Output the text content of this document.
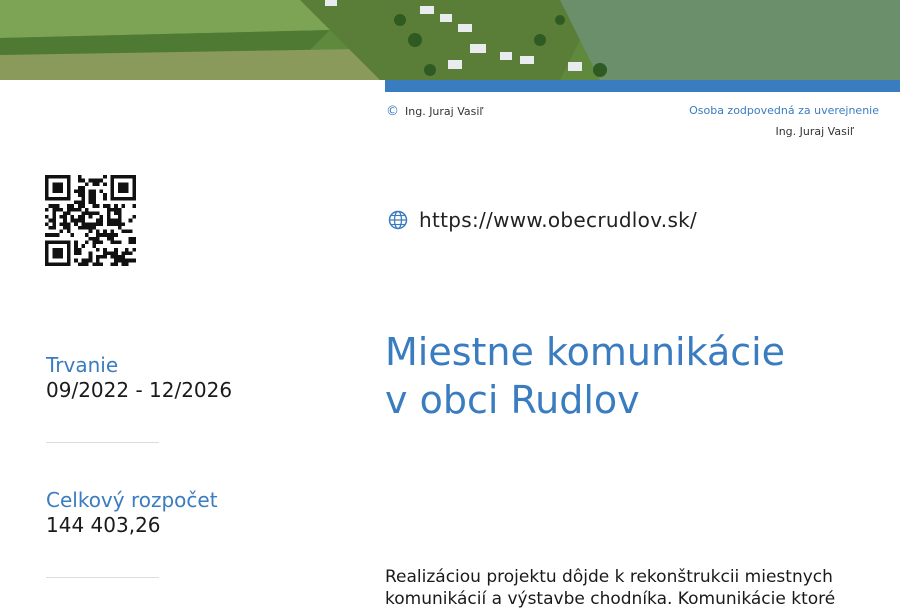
© Ing. Juraj Vasiľ	Osoba zodpovedná za uverejnenie
Ing. Juraj Vasiľ
https://www.obecrudlov.sk/
Miestne komunikácie
v obci Rudlov
Trvanie
09/2022 - 12/2026
Celkový rozpočet
144 403,26

Realizáciou projektu dôjde k rekonštrukcii miestnych komunikácií a výstavbe chodníka. Komunikácie ktoré
